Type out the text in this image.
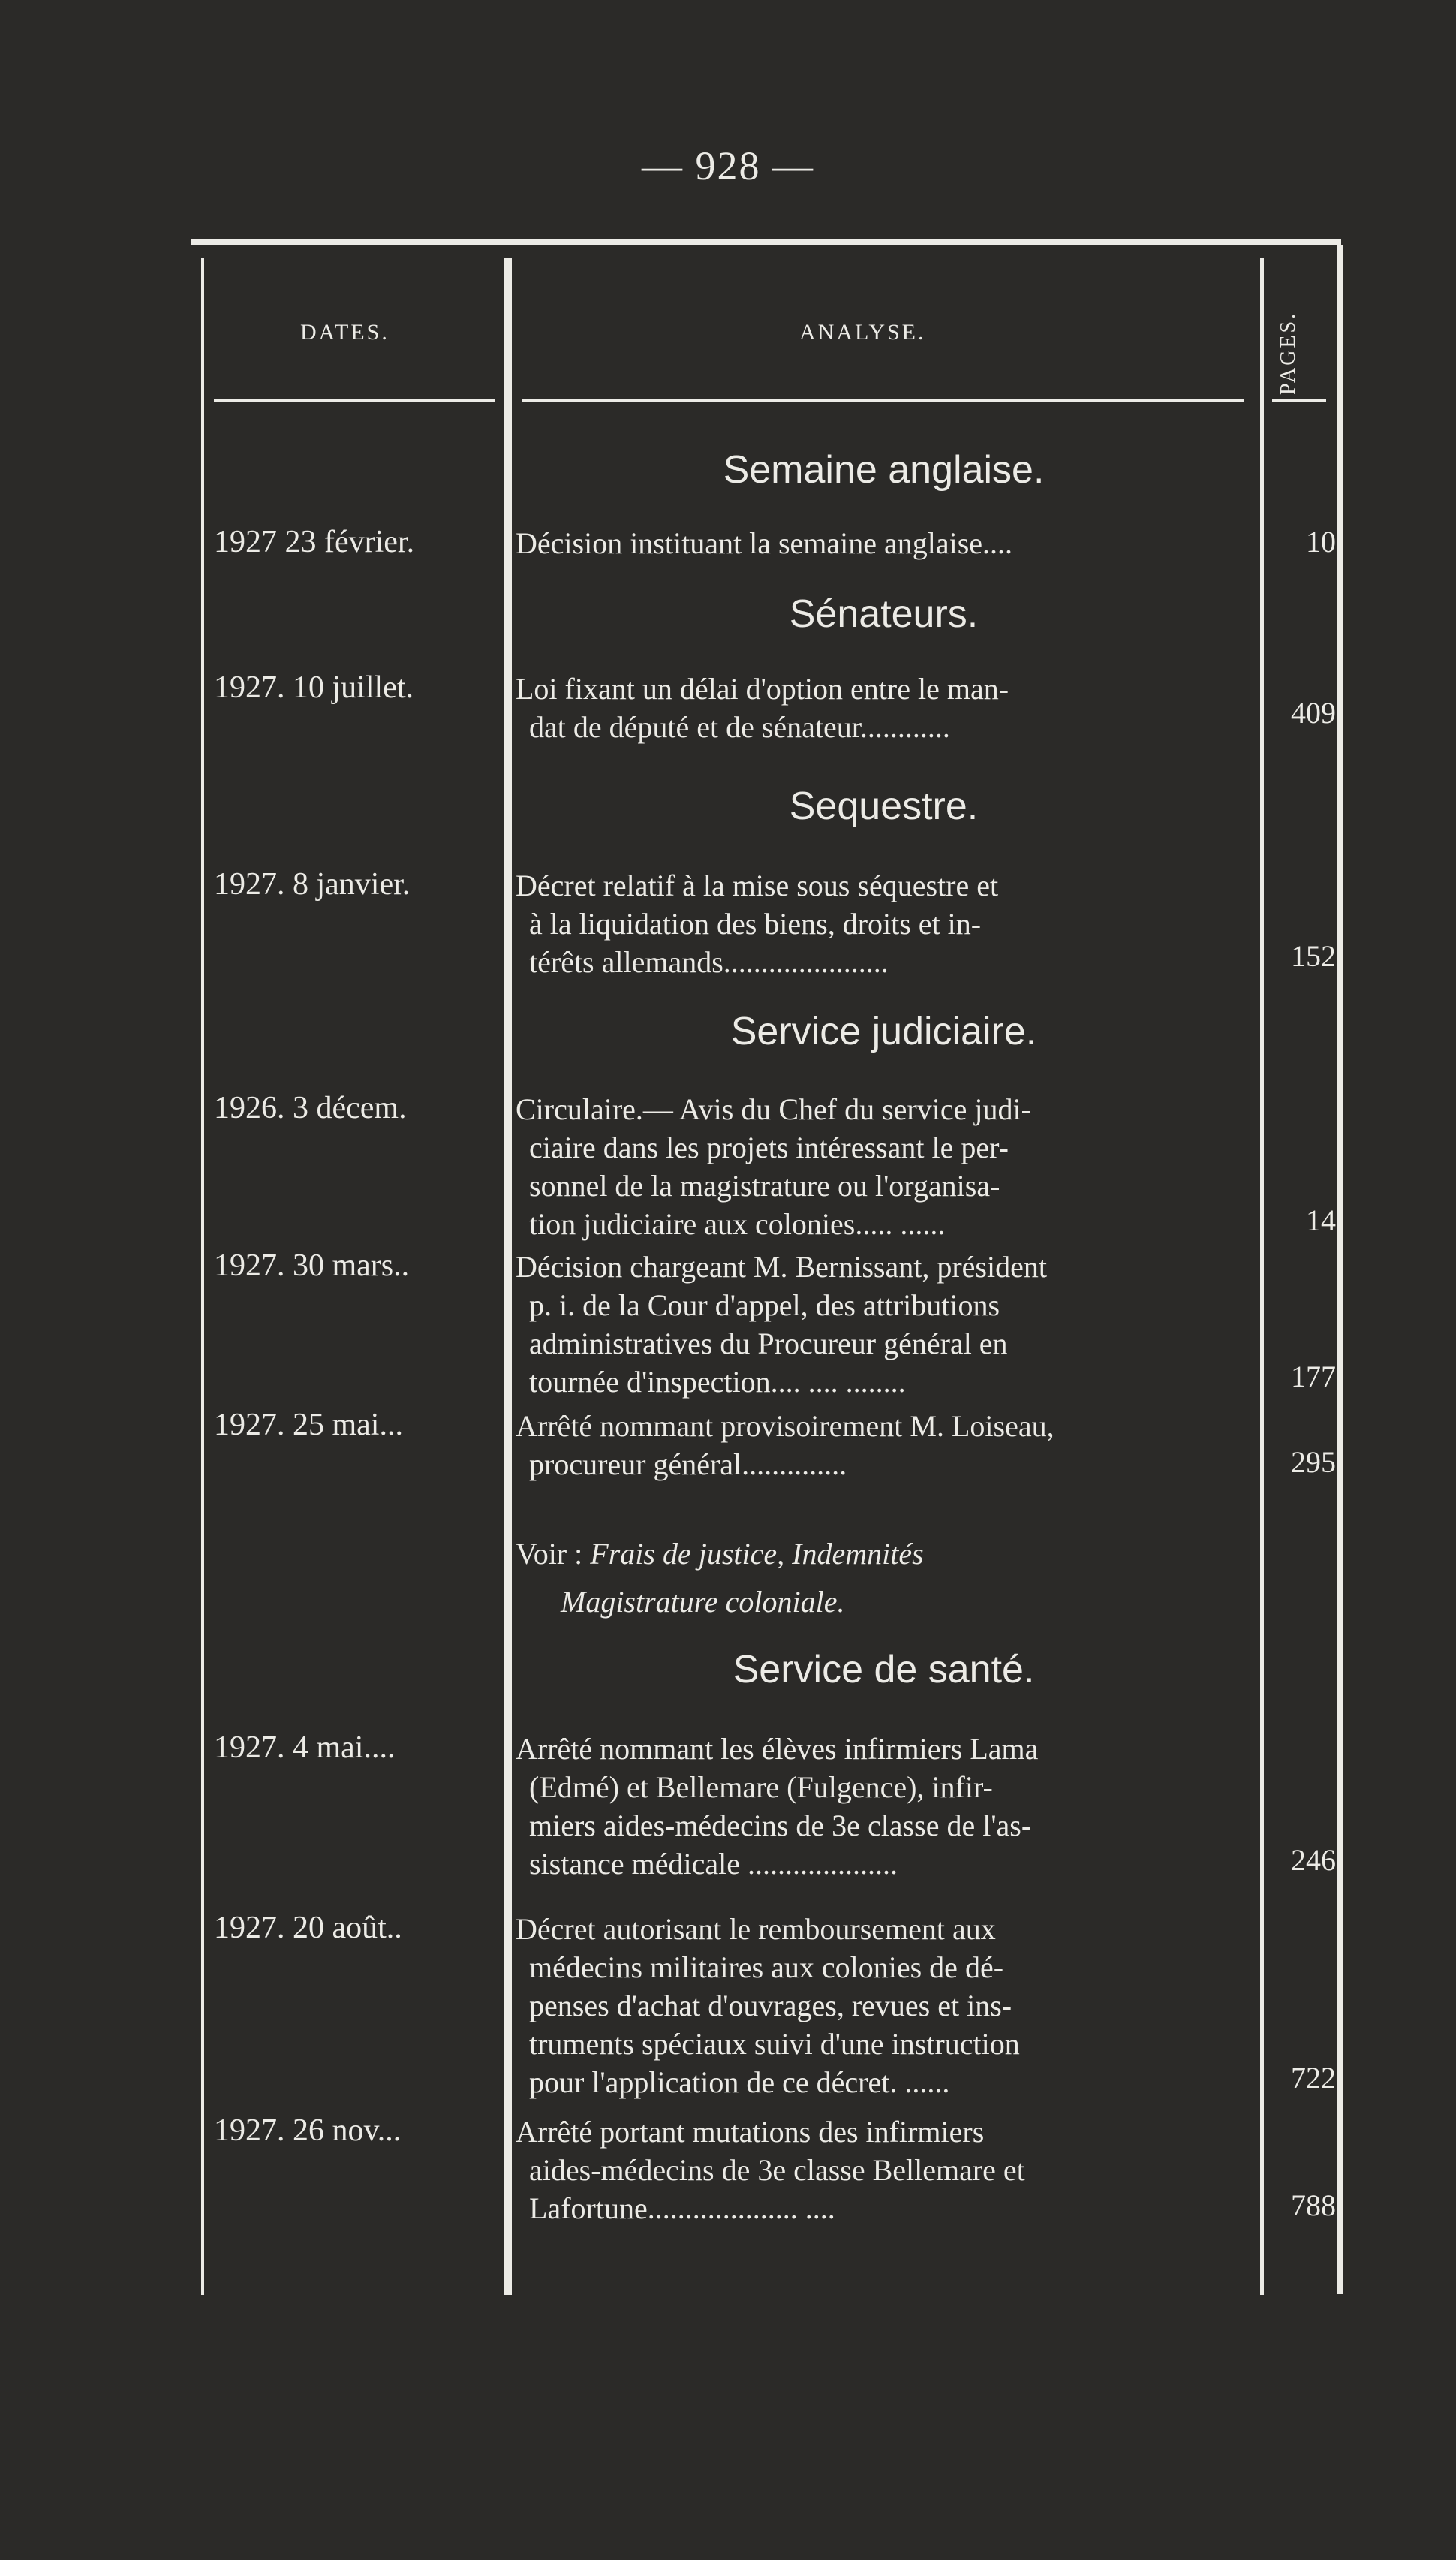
— 928 —
DATES.	ANALYSE.	PAGES.
Semaine anglaise.
1927 23 février.	Décision instituant la semaine anglaise....	10
Sénateurs.
1927. 10 juillet.	Loi fixant un délai d'option entre le man-
dat de député et de sénateur............	409
Sequestre.
1927. 8 janvier.	Décret relatif à la mise sous séquestre et
à la liquidation des biens, droits et in-
térêts allemands......................	152
Service judiciaire.
1926. 3 décem.	Circulaire.— Avis du Chef du service judi-
ciaire dans les projets intéressant le per-
sonnel de la magistrature ou l'organisa-
tion judiciaire aux colonies..... ......	14
1927. 30 mars..	Décision chargeant M. Bernissant, président
p. i. de la Cour d'appel, des attributions
administratives du Procureur général en
tournée d'inspection.... .... ........	177
1927. 25 mai...	Arrêté nommant provisoirement M. Loiseau,
procureur général..............	295
Voir : Frais de justice, Indemnités
Magistrature coloniale.
Service de santé.
1927. 4 mai....	Arrêté nommant les élèves infirmiers Lama
(Edmé) et Bellemare (Fulgence), infir-
miers aides-médecins de 3e classe de l'as-
sistance médicale ....................	246
1927. 20 août..	Décret autorisant le remboursement aux
médecins militaires aux colonies de dé-
penses d'achat d'ouvrages, revues et ins-
truments spéciaux suivi d'une instruction
pour l'application de ce décret. ......	722
1927. 26 nov...	Arrêté portant mutations des infirmiers
aides-médecins de 3e classe Bellemare et
Lafortune.................... ....	788
